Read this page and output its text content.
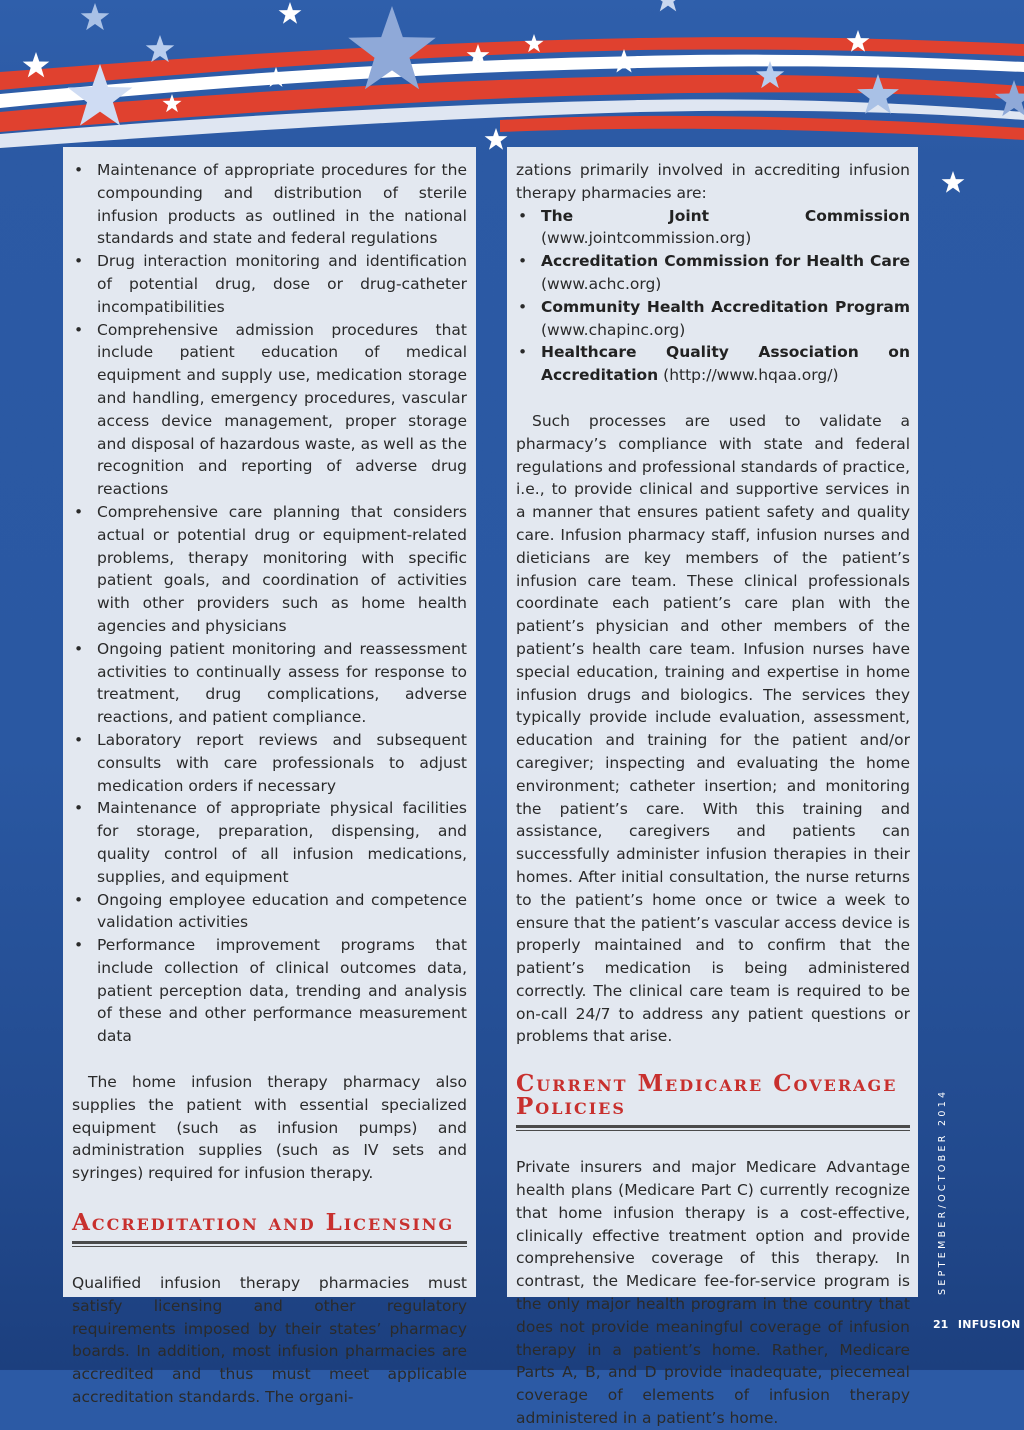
• Maintenance of appropriate procedures for the compounding and distribution of sterile infusion products as outlined in the national standards and state and federal regulations
• Drug interaction monitoring and identification of potential drug, dose or drug-catheter incompatibilities
• Comprehensive admission procedures that include patient education of medical equipment and supply use, medication storage and handling, emergency procedures, vascular access device management, proper storage and disposal of hazardous waste, as well as the recognition and reporting of adverse drug reactions
• Comprehensive care planning that considers actual or potential drug or equipment-related problems, therapy monitoring with specific patient goals, and coordination of activities with other providers such as home health agencies and physicians
• Ongoing patient monitoring and reassessment activities to continually assess for response to treatment, drug complications, adverse reactions, and patient compliance.
• Laboratory report reviews and subsequent consults with care professionals to adjust medication orders if necessary
• Maintenance of appropriate physical facilities for storage, preparation, dispensing, and quality control of all infusion medications, supplies, and equipment
• Ongoing employee education and competence validation activities
• Performance improvement programs that include collection of clinical outcomes data, patient perception data, trending and analysis of these and other performance measurement data

The home infusion therapy pharmacy also supplies the patient with essential specialized equipment (such as infusion pumps) and administration supplies (such as IV sets and syringes) required for infusion therapy.

Accreditation and Licensing

Qualified infusion therapy pharmacies must satisfy licensing and other regulatory requirements imposed by their states’ pharmacy boards. In addition, most infusion pharmacies are accredited and thus must meet applicable accreditation standards. The organi-

zations primarily involved in accrediting infusion therapy pharmacies are:

• The Joint Commission (www.jointcommission.org)
• Accreditation Commission for Health Care (www.achc.org)
• Community Health Accreditation Program (www.chapinc.org)
• Healthcare Quality Association on Accreditation (http://www.hqaa.org/)

Such processes are used to validate a pharmacy’s compliance with state and federal regulations and professional standards of practice, i.e., to provide clinical and supportive services in a manner that ensures patient safety and quality care. Infusion pharmacy staff, infusion nurses and dieticians are key members of the patient’s infusion care team. These clinical professionals coordinate each patient’s care plan with the patient’s physician and other members of the patient’s health care team. Infusion nurses have special education, training and expertise in home infusion drugs and biologics. The services they typically provide include evaluation, assessment, education and training for the patient and/or caregiver; inspecting and evaluating the home environment; catheter insertion; and monitoring the patient’s care. With this training and assistance, caregivers and patients can successfully administer infusion therapies in their homes. After initial consultation, the nurse returns to the patient’s home once or twice a week to ensure that the patient’s vascular access device is properly maintained and to confirm that the patient’s medication is being administered correctly. The clinical care team is required to be on-call 24/7 to address any patient questions or problems that arise.

Current Medicare Coverage Policies

Private insurers and major Medicare Advantage health plans (Medicare Part C) currently recognize that home infusion therapy is a cost-effective, clinically effective treatment option and provide comprehensive coverage of this therapy. In contrast, the Medicare fee-for-service program is the only major health program in the country that does not provide meaningful coverage of infusion therapy in a patient’s home. Rather, Medicare Parts A, B, and D provide inadequate, piecemeal coverage of elements of infusion therapy administered in a patient’s home.

SEPTEMBER/OCTOBER 2014
21 INFUSION
